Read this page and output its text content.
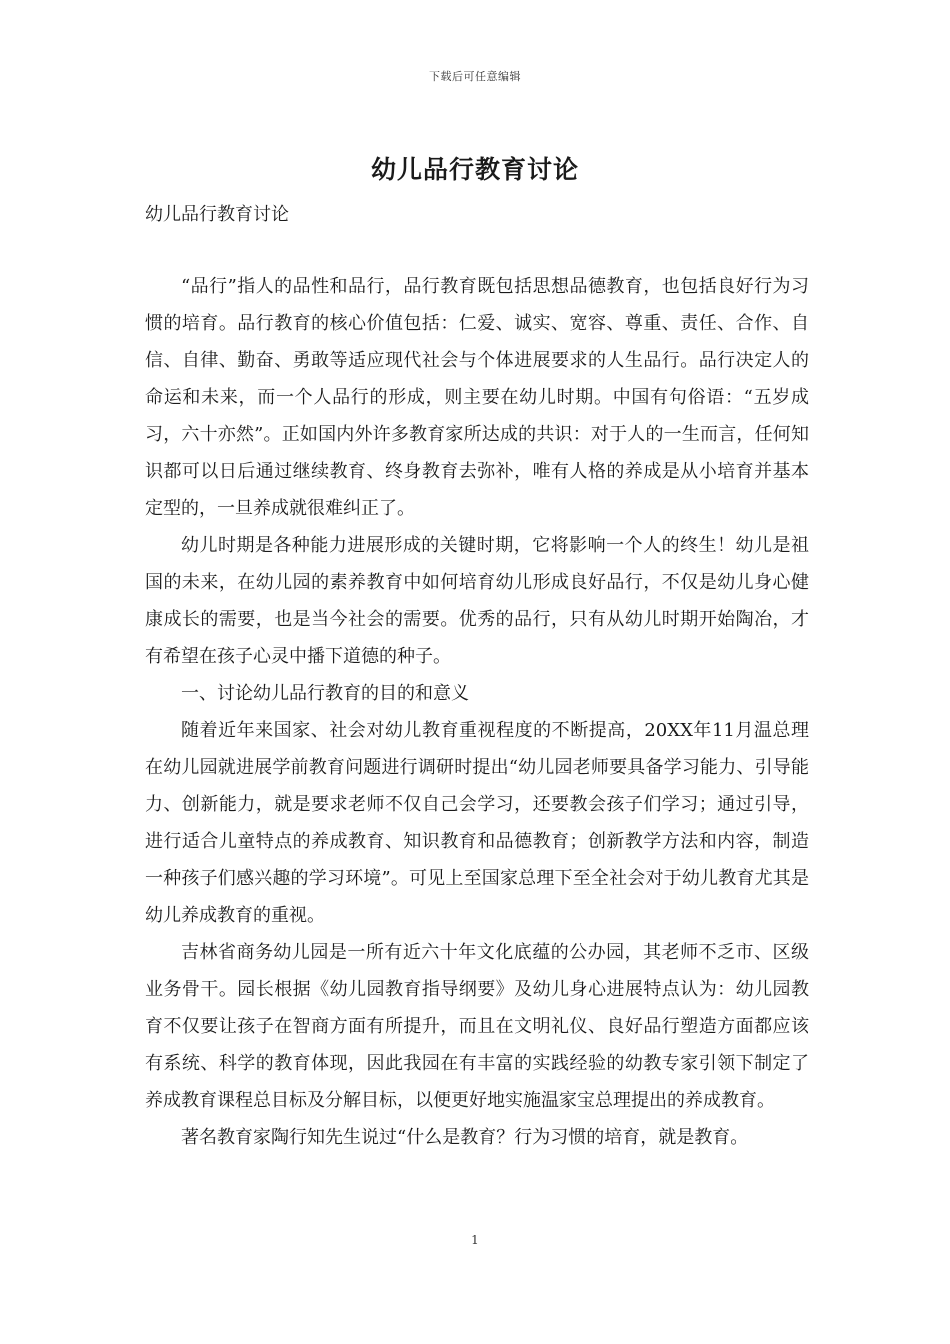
下载后可任意编辑
幼儿品行教育讨论
幼儿品行教育讨论

“品行”指人的品性和品行，品行教育既包括思想品德教育，也包括良好行为习惯的培育。品行教育的核心价值包括：仁爱、诚实、宽容、尊重、责任、合作、自信、自律、勤奋、勇敢等适应现代社会与个体进展要求的人生品行。品行决定人的命运和未来，而一个人品行的形成，则主要在幼儿时期。中国有句俗语：“五岁成习，六十亦然”。正如国内外许多教育家所达成的共识：对于人的一生而言，任何知识都可以日后通过继续教育、终身教育去弥补，唯有人格的养成是从小培育并基本定型的，一旦养成就很难纠正了。

幼儿时期是各种能力进展形成的关键时期，它将影响一个人的终生！幼儿是祖国的未来，在幼儿园的素养教育中如何培育幼儿形成良好品行，不仅是幼儿身心健康成长的需要，也是当今社会的需要。优秀的品行，只有从幼儿时期开始陶冶，才有希望在孩子心灵中播下道德的种子。

一、讨论幼儿品行教育的目的和意义

随着近年来国家、社会对幼儿教育重视程度的不断提高，20XX年11月温总理在幼儿园就进展学前教育问题进行调研时提出“幼儿园老师要具备学习能力、引导能力、创新能力，就是要求老师不仅自己会学习，还要教会孩子们学习；通过引导，进行适合儿童特点的养成教育、知识教育和品德教育；创新教学方法和内容，制造一种孩子们感兴趣的学习环境”。可见上至国家总理下至全社会对于幼儿教育尤其是幼儿养成教育的重视。

吉林省商务幼儿园是一所有近六十年文化底蕴的公办园，其老师不乏市、区级业务骨干。园长根据《幼儿园教育指导纲要》及幼儿身心进展特点认为：幼儿园教育不仅要让孩子在智商方面有所提升，而且在文明礼仪、良好品行塑造方面都应该有系统、科学的教育体现，因此我园在有丰富的实践经验的幼教专家引领下制定了养成教育课程总目标及分解目标，以便更好地实施温家宝总理提出的养成教育。

著名教育家陶行知先生说过“什么是教育？行为习惯的培育，就是教育。

1
